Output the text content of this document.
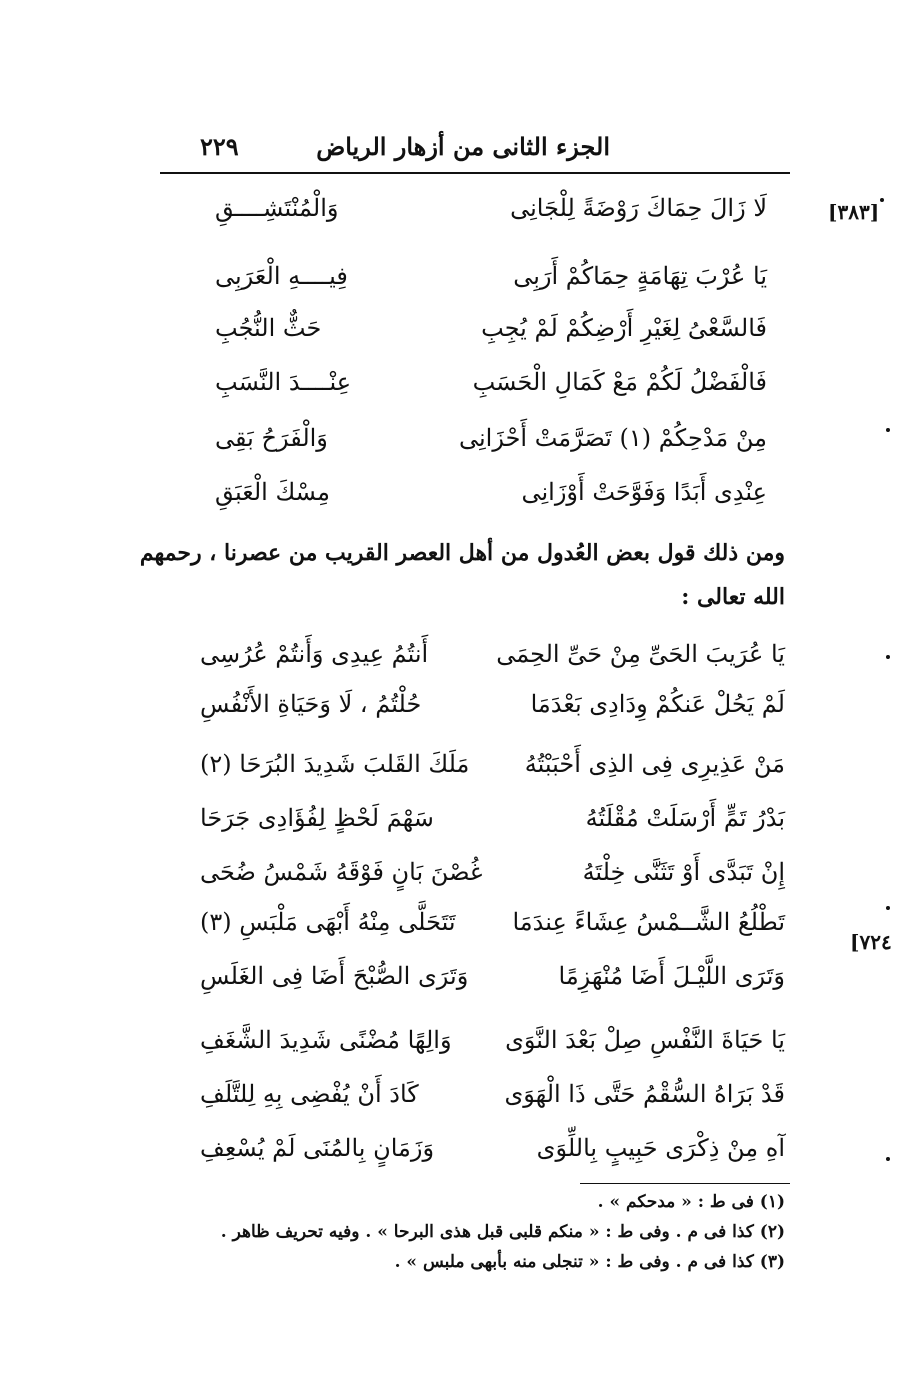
الجزء الثانى من أزهار الرياض
٢٢٩
[٣٨٣]
[٧٢٤
لَا زَالَ حِمَاكَ رَوْضَةً لِلْجَانِى
وَالْمُنْتَشِــــقِ
يَا عُرْبَ تِهَامَةٍ حِمَاكُمْ أَرَبِى
فِيــــهِ الْعَرَبِى
فَالسَّعْىُ لِغَيْرِ أَرْضِكُمْ لَمْ يُجِبِ
حَثٌّ النُّجُبِ
فَالْفَضْلُ لَكُمْ مَعْ كَمَالِ الْحَسَبِ
عِنْــــدَ النَّسَبِ
مِنْ مَدْحِكُمْ (١) تَصَرَّمَتْ أَحْزَانِى
وَالْفَرَحُ بَقِى
عِنْدِى أَبَدًا وَفَوَّحَتْ أَوْزَانِى
مِسْكَ الْعَبَقِ
ومن ذلك قول بعض العُدول من أهل العصر القريب من عصرنا ، رحمهم
الله تعالى :
يَا عُرَيبَ الحَىِّ مِنْ حَىِّ الحِمَى
أَنتُمُ عِيدِى وَأَنتُمْ عُرُسِى
لَمْ يَحُلْ عَنكُمْ وِدَادِى بَعْدَمَا
حُلْتُمُ ، لَا وَحَيَاةِ الأَنْفُسِ
مَنْ عَذِيرِى فِى الذِى أَحْبَبْتُهُ
مَلَكَ القَلبَ شَدِيدَ البُرَحَا (٢)
بَدْرُ تَمٍّ أَرْسَلَتْ مُقْلَتُهُ
سَهْمَ لَحْظٍ لِفُؤَادِى جَرَحَا
إِنْ تَبَدَّى أَوْ تَثَنَّى خِلْتَهُ
غُصْنَ بَانٍ فَوْقَهُ شَمْسُ ضُحَى
تَطْلُعُ الشَّــمْسُ عِشَاءً عِندَمَا
تَتَحَلَّى مِنْهُ أَبْهَى مَلْبَسِ (٣)
وَتَرَى اللَّيْـلَ أَضَا مُنْهَزِمًا
وَتَرَى الصُّبْحَ أَضَا فِى الغَلَسِ
يَا حَيَاةَ النَّفْسِ صِلْ بَعْدَ النَّوَى
وَالِهًا مُضْنًى شَدِيدَ الشَّغَفِ
قَدْ بَرَاهُ السُّقْمُ حَتَّى ذَا الْهَوَى
كَادَ أَنْ يُفْضِى بِهِ لِلتَّلَفِ
آهِ مِنْ ذِكْرَى حَبِيبٍ بِاللِّوَى
وَزَمَانٍ بِالمُنَى لَمْ يُسْعِفِ
(١) فى ط : « مدحكم » .
(٢) كذا فى م . وفى ط : « منكم قلبى قبل هذى البرحا » . وفيه تحريف ظاهر .
(٣) كذا فى م . وفى ط : « تنجلى منه بأبهى ملبس » .
